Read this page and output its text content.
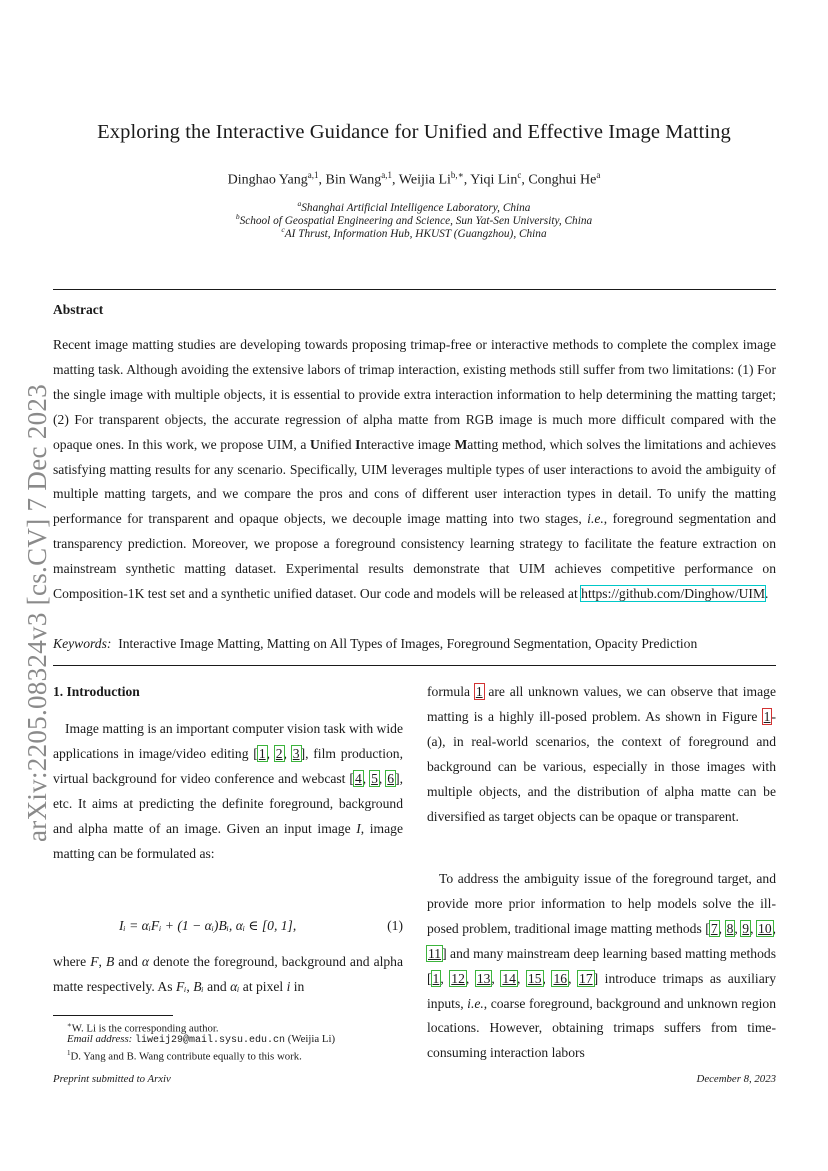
Exploring the Interactive Guidance for Unified and Effective Image Matting
Dinghao Yang$^{a,1}$, Bin Wang$^{a,1}$, Weijia $Li^{b,∗}$, Yiqi Lin$^c$, Conghui He$^a$
$^a$Shanghai Artificial Intelligence Laboratory, China
$^b$School of Geospatial Engineering and Science, Sun Yat-Sen University, China
$^c$AI Thrust, Information Hub, HKUST (Guangzhou), China
Abstract
Recent image matting studies are developing towards proposing trimap-free or interactive methods to complete the complex image matting task. Although avoiding the extensive labors of trimap interaction, existing methods still suffer from two limitations: (1) For the single image with multiple objects, it is essential to provide extra interaction information to help determining the matting target; (2) For transparent objects, the accurate regression of alpha matte from RGB image is much more difficult compared with the opaque ones. In this work, we propose UIM, a Unified Interactive image Matting method, which solves the limitations and achieves satisfying matting results for any scenario. Specifically, UIM leverages multiple types of user interactions to avoid the ambiguity of multiple matting targets, and we compare the pros and cons of different user interaction types in detail. To unify the matting performance for transparent and opaque objects, we decouple image matting into two stages, i.e., foreground segmentation and transparency prediction. Moreover, we propose a foreground consistency learning strategy to facilitate the feature extraction on mainstream synthetic matting dataset. Experimental results demonstrate that UIM achieves competitive performance on Composition-1K test set and a synthetic unified dataset. Our code and models will be released at https://github.com/Dinghow/UIM.
Keywords: Interactive Image Matting, Matting on All Types of Images, Foreground Segmentation, Opacity Prediction
1. Introduction
Image matting is an important computer vision task with wide applications in image/video editing [1, 2, 3], film production, virtual background for video conference and webcast [4, 5, 6], etc. It aims at predicting the definite foreground, background and alpha matte of an image. Given an input image I, image matting can be formulated as:
Iᵢ = αᵢFᵢ + (1 − αᵢ)Bᵢ, αᵢ ∈ [0, 1],	(1)
where F, B and α denote the foreground, background and alpha matte respectively. As Fᵢ, Bᵢ and αᵢ at pixel i in
∗W. Li is the corresponding author.
Email address: liweij29@mail.sysu.edu.cn (Weijia Li)
$^1$D. Yang and B. Wang contribute equally to this work.
formula 1 are all unknown values, we can observe that image matting is a highly ill-posed problem. As shown in Figure 1-(a), in real-world scenarios, the context of foreground and background can be various, especially in those images with multiple objects, and the distribution of alpha matte can be diversified as target objects can be opaque or transparent.
To address the ambiguity issue of the foreground target, and provide more prior information to help models solve the ill-posed problem, traditional image matting methods [7, 8, 9, 10, 11] and many mainstream deep learning based matting methods [1, 12, 13, 14, 15, 16, 17] introduce trimaps as auxiliary inputs, i.e., coarse foreground, background and unknown region locations. However, obtaining trimaps suffers from time-consuming interaction labors
Preprint submitted to Arxiv	December 8, 2023
arXiv:2205.08324v3 [cs.CV] 7 Dec 2023
